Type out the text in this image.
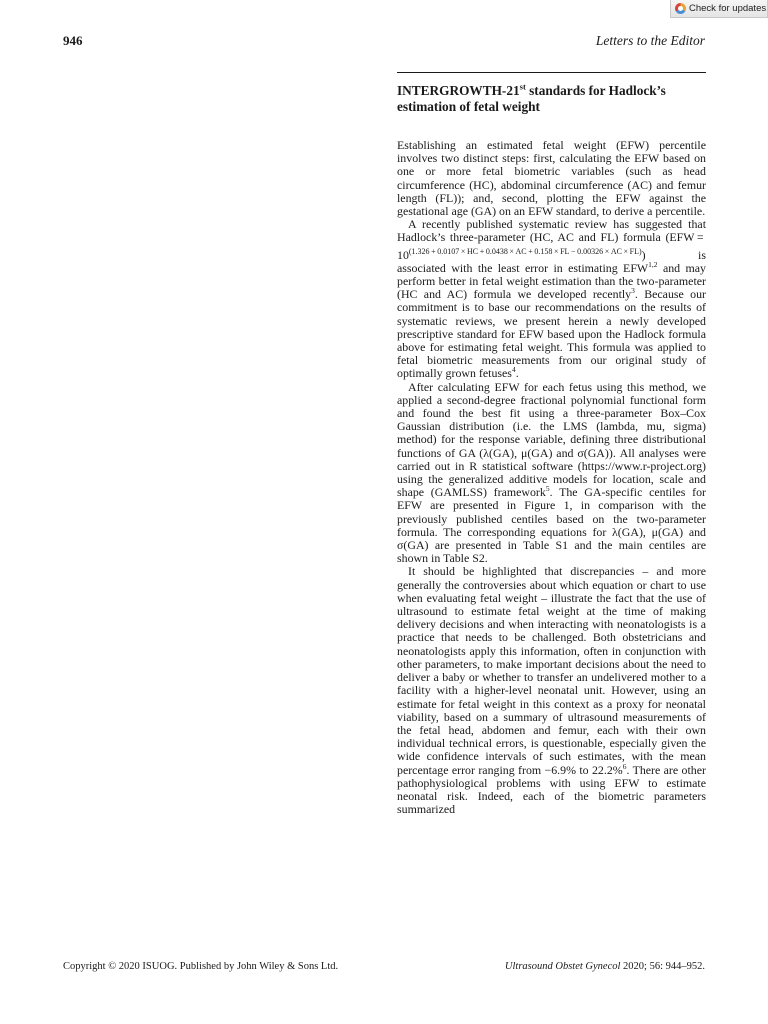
Check for updates
946	Letters to the Editor
INTERGROWTH-21st standards for Hadlock’s estimation of fetal weight

Establishing an estimated fetal weight (EFW) percentile involves two distinct steps: first, calculating the EFW based on one or more fetal biometric variables (such as head circumference (HC), abdominal circumference (AC) and femur length (FL)); and, second, plotting the EFW against the gestational age (GA) on an EFW standard, to derive a percentile.

A recently published systematic review has suggested that Hadlock’s three-parameter (HC, AC and FL) formula $(EFW = 10^{(1.326 + 0.0107 \times HC + 0.0438 \times AC + 0.158 \times FL - 0.00326 \times AC \times FL)})$ is associated with the least error in estimating EFW$^{1,2}$ and may perform better in fetal weight estimation than the two-parameter (HC and AC) formula we developed recently$^3$. Because our commitment is to base our recommendations on the results of systematic reviews, we present herein a newly developed prescriptive standard for EFW based upon the Hadlock formula above for estimating fetal weight. This formula was applied to fetal biometric measurements from our original study of optimally grown fetuses$^4$.

After calculating EFW for each fetus using this method, we applied a second-degree fractional polynomial functional form and found the best fit using a three-parameter Box–Cox Gaussian distribution (i.e. the LMS (lambda, mu, sigma) method) for the response variable, defining three distributional functions of GA (λ(GA), μ(GA) and σ(GA)). All analyses were carried out in R statistical software (https://www.r-project.org) using the generalized additive models for location, scale and shape (GAMLSS) framework$^5$. The GA-specific centiles for EFW are presented in Figure 1, in comparison with the previously published centiles based on the two-parameter formula. The corresponding equations for λ(GA), μ(GA) and σ(GA) are presented in Table S1 and the main centiles are shown in Table S2.

It should be highlighted that discrepancies – and more generally the controversies about which equation or chart to use when evaluating fetal weight – illustrate the fact that the use of ultrasound to estimate fetal weight at the time of making delivery decisions and when interacting with neonatologists is a practice that needs to be challenged. Both obstetricians and neonatologists apply this information, often in conjunction with other parameters, to make important decisions about the need to deliver a baby or whether to transfer an undelivered mother to a facility with a higher-level neonatal unit. However, using an estimate for fetal weight in this context as a proxy for neonatal viability, based on a summary of ultrasound measurements of the fetal head, abdomen and femur, each with their own individual technical errors, is questionable, especially given the wide confidence intervals of such estimates, with the mean percentage error ranging from −6.9% to 22.2%$^6$. There are other pathophysiological problems with using EFW to estimate neonatal risk. Indeed, each of the biometric parameters summarized

Copyright © 2020 ISUOG. Published by John Wiley & Sons Ltd.	Ultrasound Obstet Gynecol 2020; 56: 944–952.
